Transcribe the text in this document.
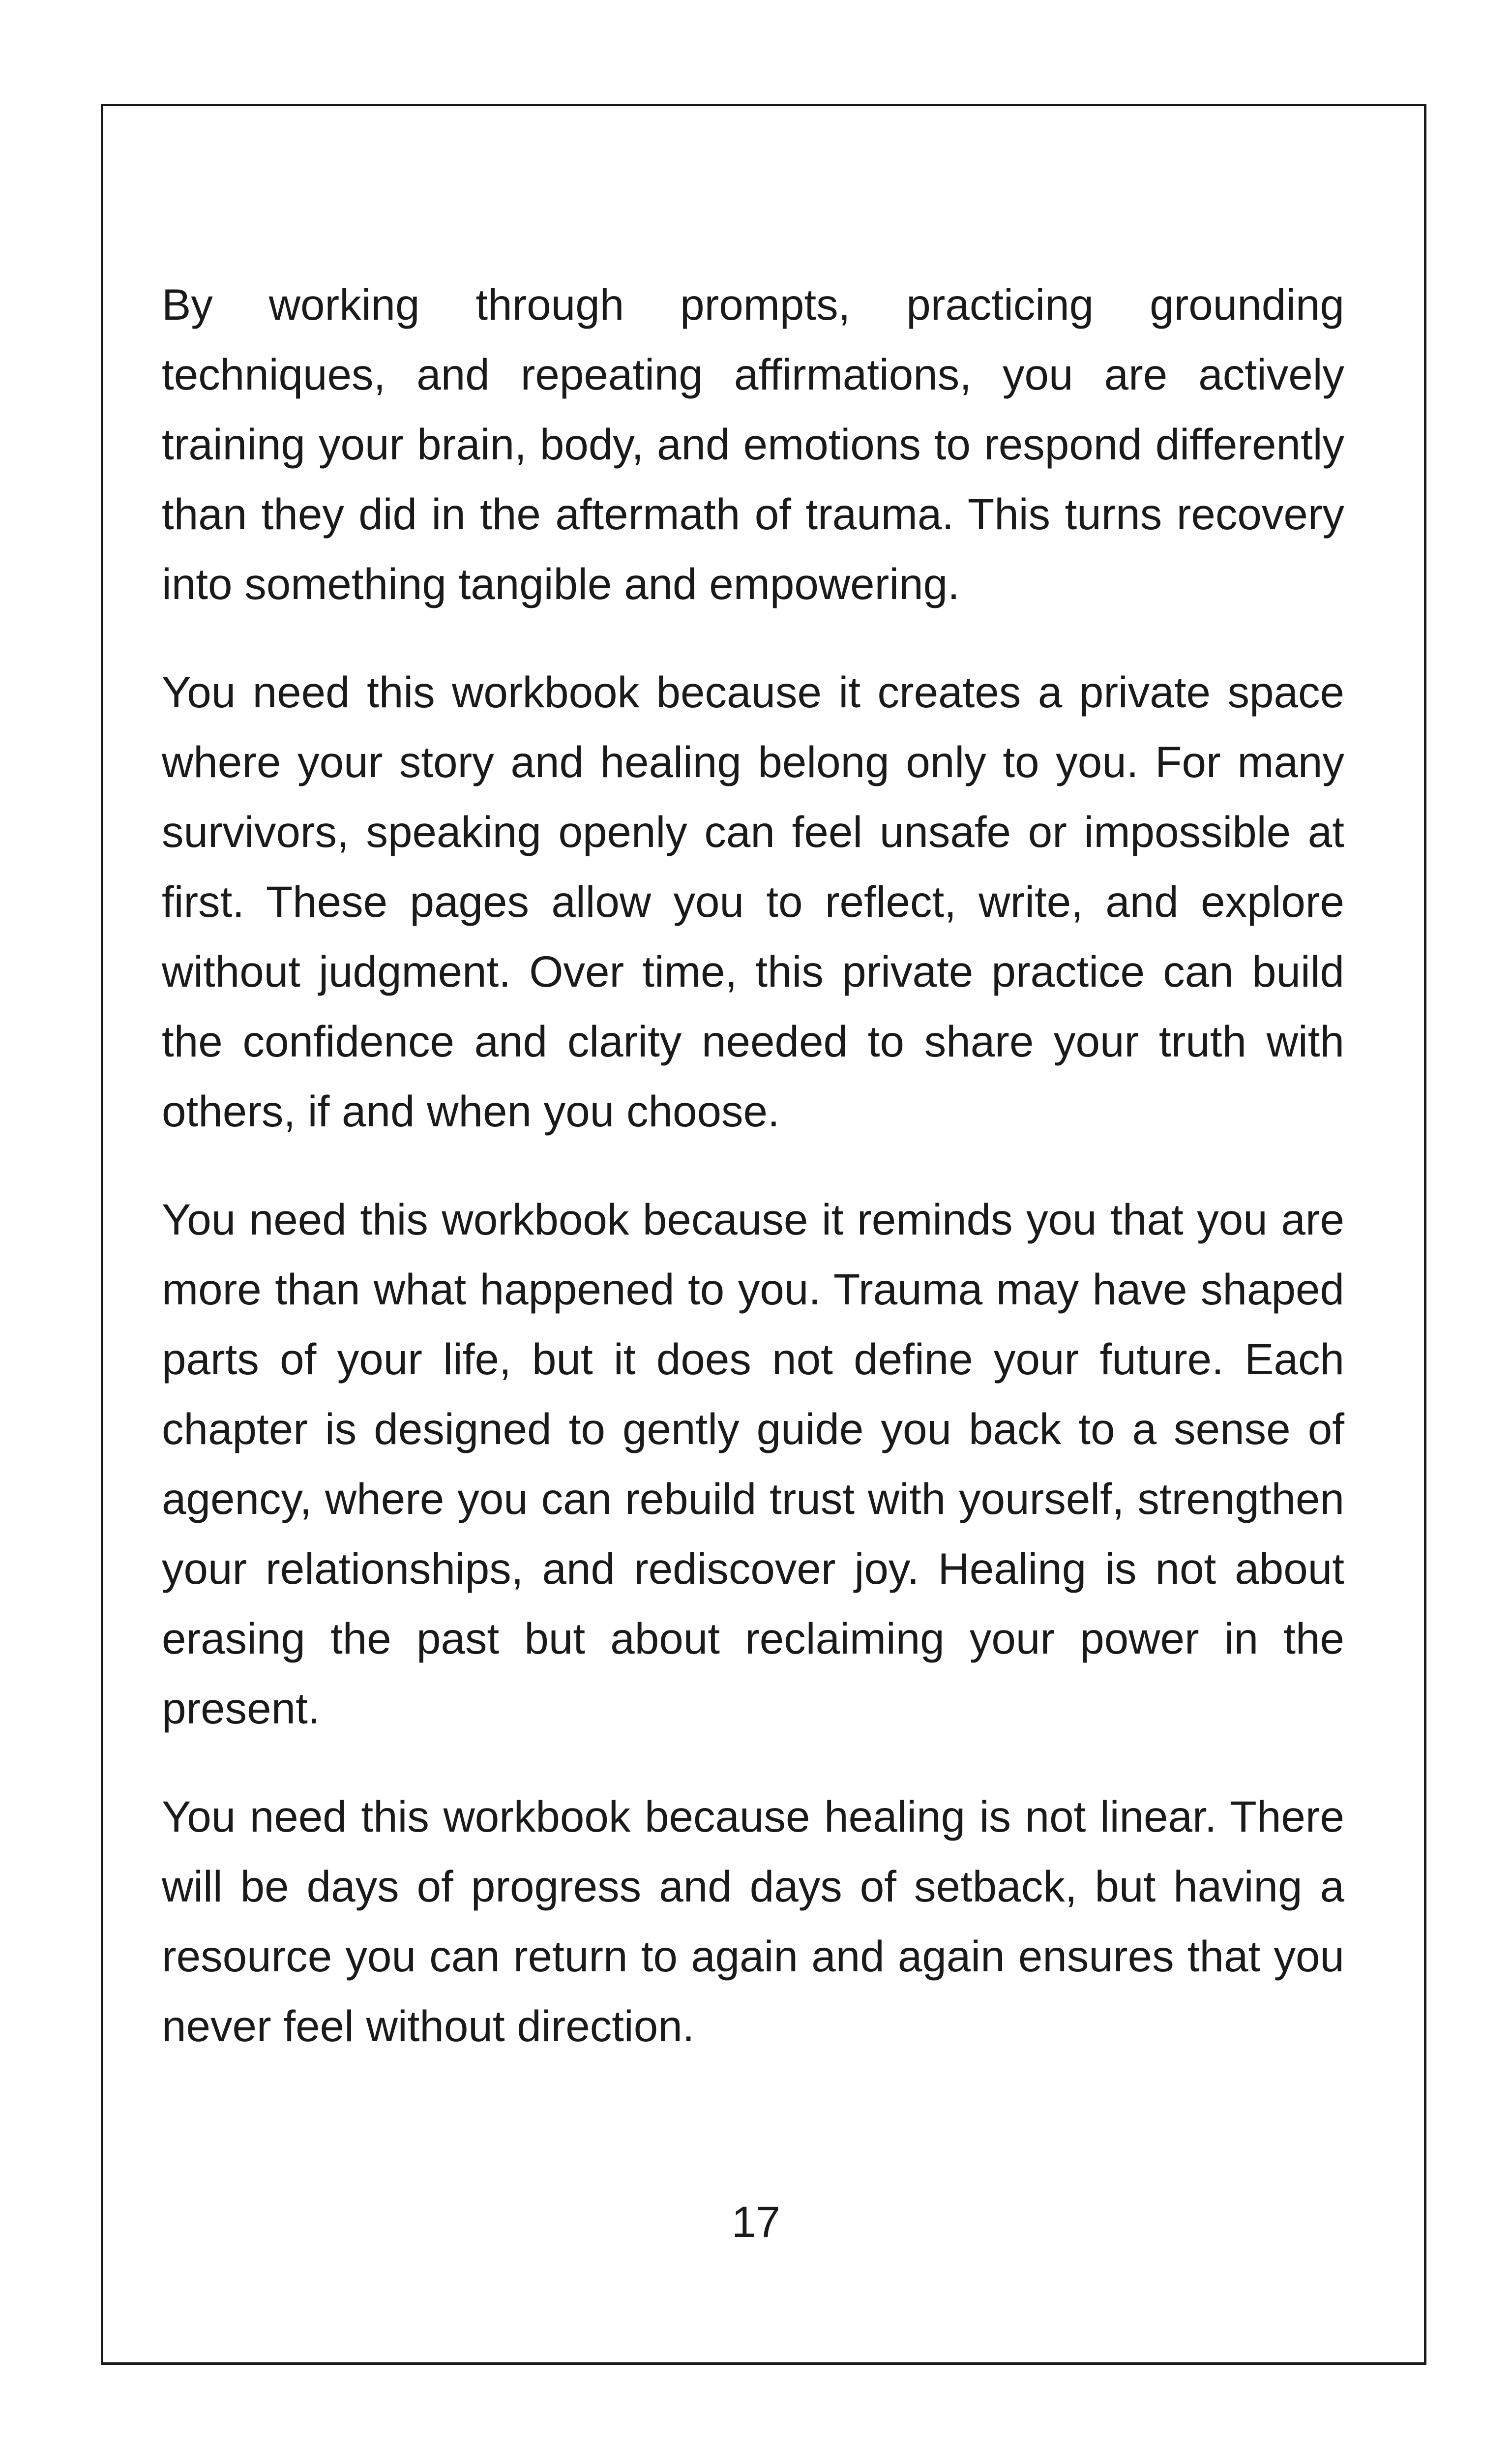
By working through prompts, practicing grounding techniques, and repeating affirmations, you are actively training your brain, body, and emotions to respond differently than they did in the aftermath of trauma. This turns recovery into something tangible and empowering.

You need this workbook because it creates a private space where your story and healing belong only to you. For many survivors, speaking openly can feel unsafe or impossible at first. These pages allow you to reflect, write, and explore without judgment. Over time, this private practice can build the confidence and clarity needed to share your truth with others, if and when you choose.

You need this workbook because it reminds you that you are more than what happened to you. Trauma may have shaped parts of your life, but it does not define your future. Each chapter is designed to gently guide you back to a sense of agency, where you can rebuild trust with yourself, strengthen your relationships, and rediscover joy. Healing is not about erasing the past but about reclaiming your power in the present.

You need this workbook because healing is not linear. There will be days of progress and days of setback, but having a resource you can return to again and again ensures that you never feel without direction.

17
